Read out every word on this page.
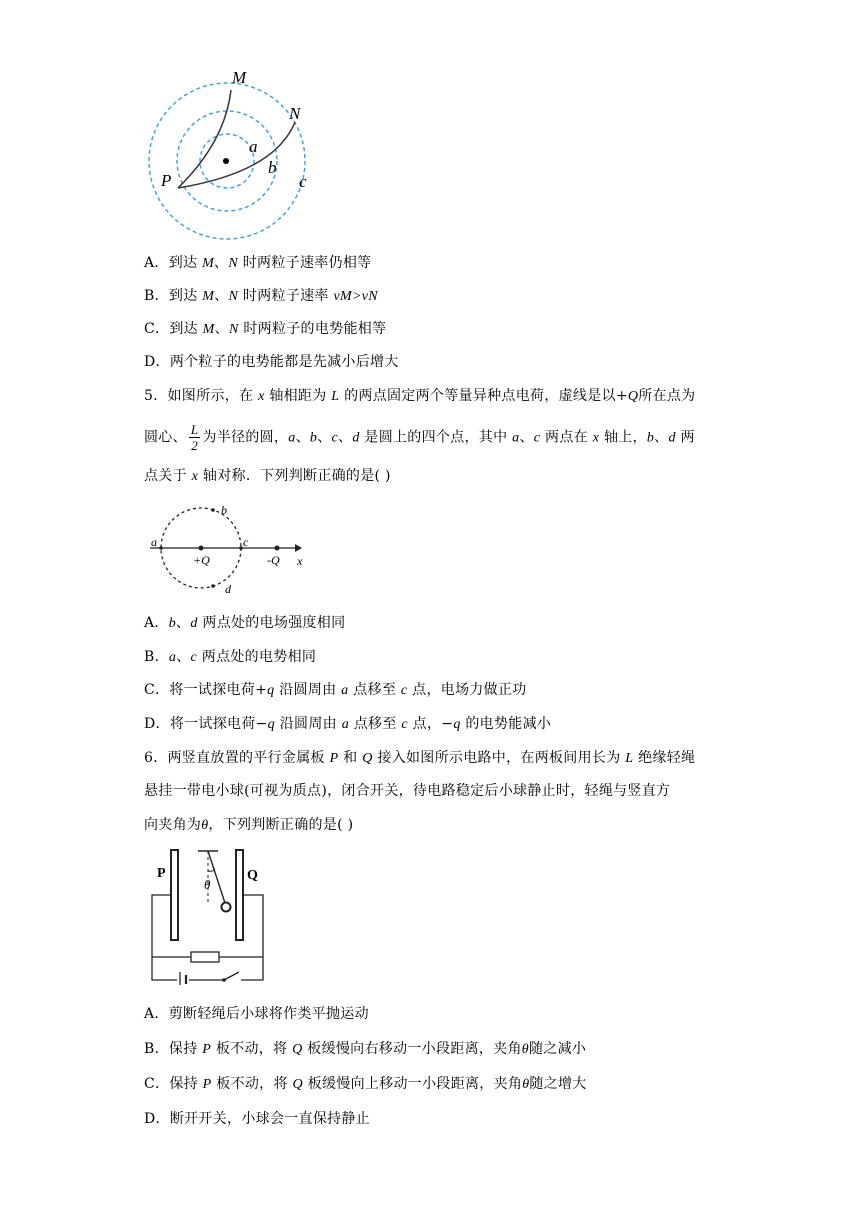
M
N
P
a
b
c
A．到达 M、N 时两粒子速率仍相等
B．到达 M、N 时两粒子速率 vM>vN
C．到达 M、N 时两粒子的电势能相等
D．两个粒子的电势能都是先减小后增大
5．如图所示，在 x 轴相距为 L 的两点固定两个等量异种点电荷，虚线是以+Q所在点为
圆心、 $\frac{L}{2}$ 为半径的圆，a、b、c、d 是圆上的四个点，其中 a、c 两点在 x 轴上，b、d 两
点关于 x 轴对称．下列判断正确的是( )
a
b
c
d
+Q	-Q x
A．b、d 两点处的电场强度相同
B．a、c 两点处的电势相同
C．将一试探电荷+q 沿圆周由 a 点移至 c 点，电场力做正功
D．将一试探电荷−q 沿圆周由 a 点移至 c 点，−q 的电势能减小
6．两竖直放置的平行金属板 P 和 Q 接入如图所示电路中，在两板间用长为 L 绝缘轻绳
悬挂一带电小球(可视为质点)，闭合开关，待电路稳定后小球静止时，轻绳与竖直方
向夹角为θ，下列判断正确的是( )
θ
P	Q
A．剪断轻绳后小球将作类平抛运动
B．保持 P 板不动，将 Q 板缓慢向右移动一小段距离，夹角θ随之减小
C．保持 P 板不动，将 Q 板缓慢向上移动一小段距离，夹角θ随之增大
D．断开开关，小球会一直保持静止
